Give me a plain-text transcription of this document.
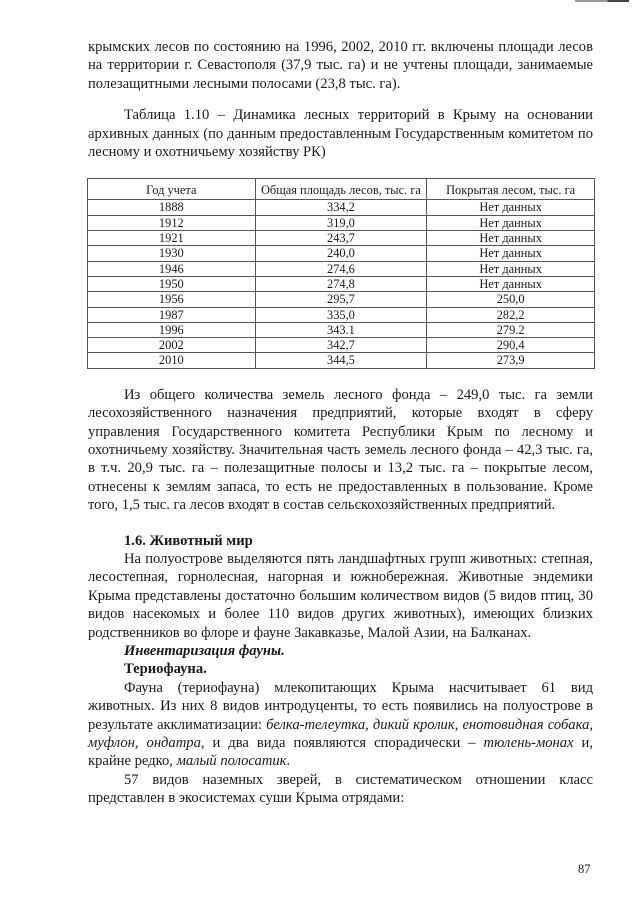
крымских лесов по состоянию на 1996, 2002, 2010 гг. включены площади лесов на территории г. Севастополя (37,9 тыс. га) и не учтены площади, занимаемые полезащитными лесными полосами (23,8 тыс. га).

Таблица 1.10 – Динамика лесных территорий в Крыму на основании архивных данных (по данным предоставленным Государственным комитетом по лесному и охотничьему хозяйству РК)

Год учета	Общая площадь лесов, тыс. га	Покрытая лесом, тыс. га
1888	334,2	Нет данных
1912	319,0	Нет данных
1921	243,7	Нет данных
1930	240,0	Нет данных
1946	274,6	Нет данных
1950	274,8	Нет данных
1956	295,7	250,0
1987	335,0	282,2
1996	343.1	279.2
2002	342,7	290,4
2010	344,5	273,9

Из общего количества земель лесного фонда – 249,0 тыс. га земли лесохозяйственного назначения предприятий, которые входят в сферу управления Государственного комитета Республики Крым по лесному и охотничьему хозяйству. Значительная часть земель лесного фонда – 42,3 тыс. га, в т.ч. 20,9 тыс. га – полезащитные полосы и 13,2 тыс. га – покрытые лесом, отнесены к землям запаса, то есть не предоставленных в пользование. Кроме того, 1,5 тыс. га лесов входят в состав сельскохозяйственных предприятий.

1.6. Животный мир

На полуострове выделяются пять ландшафтных групп животных: степная, лесостепная, горнолесная, нагорная и южнобережная. Животные эндемики Крыма представлены достаточно большим количеством видов (5 видов птиц, 30 видов насекомых и более 110 видов других животных), имеющих близких родственников во флоре и фауне Закавказье, Малой Азии, на Балканах.

Инвентаризация фауны.
Териофауна.

Фауна (териофауна) млекопитающих Крыма насчитывает 61 вид животных. Из них 8 видов интродуценты, то есть появились на полуострове в результате акклиматизации: белка-телеутка, дикий кролик, енотовидная собака, муфлон, ондатра, и два вида появляются спорадически – тюлень-монах и, крайне редко, малый полосатик.

57 видов наземных зверей, в систематическом отношении класс представлен в экосистемах суши Крыма отрядами:

87
